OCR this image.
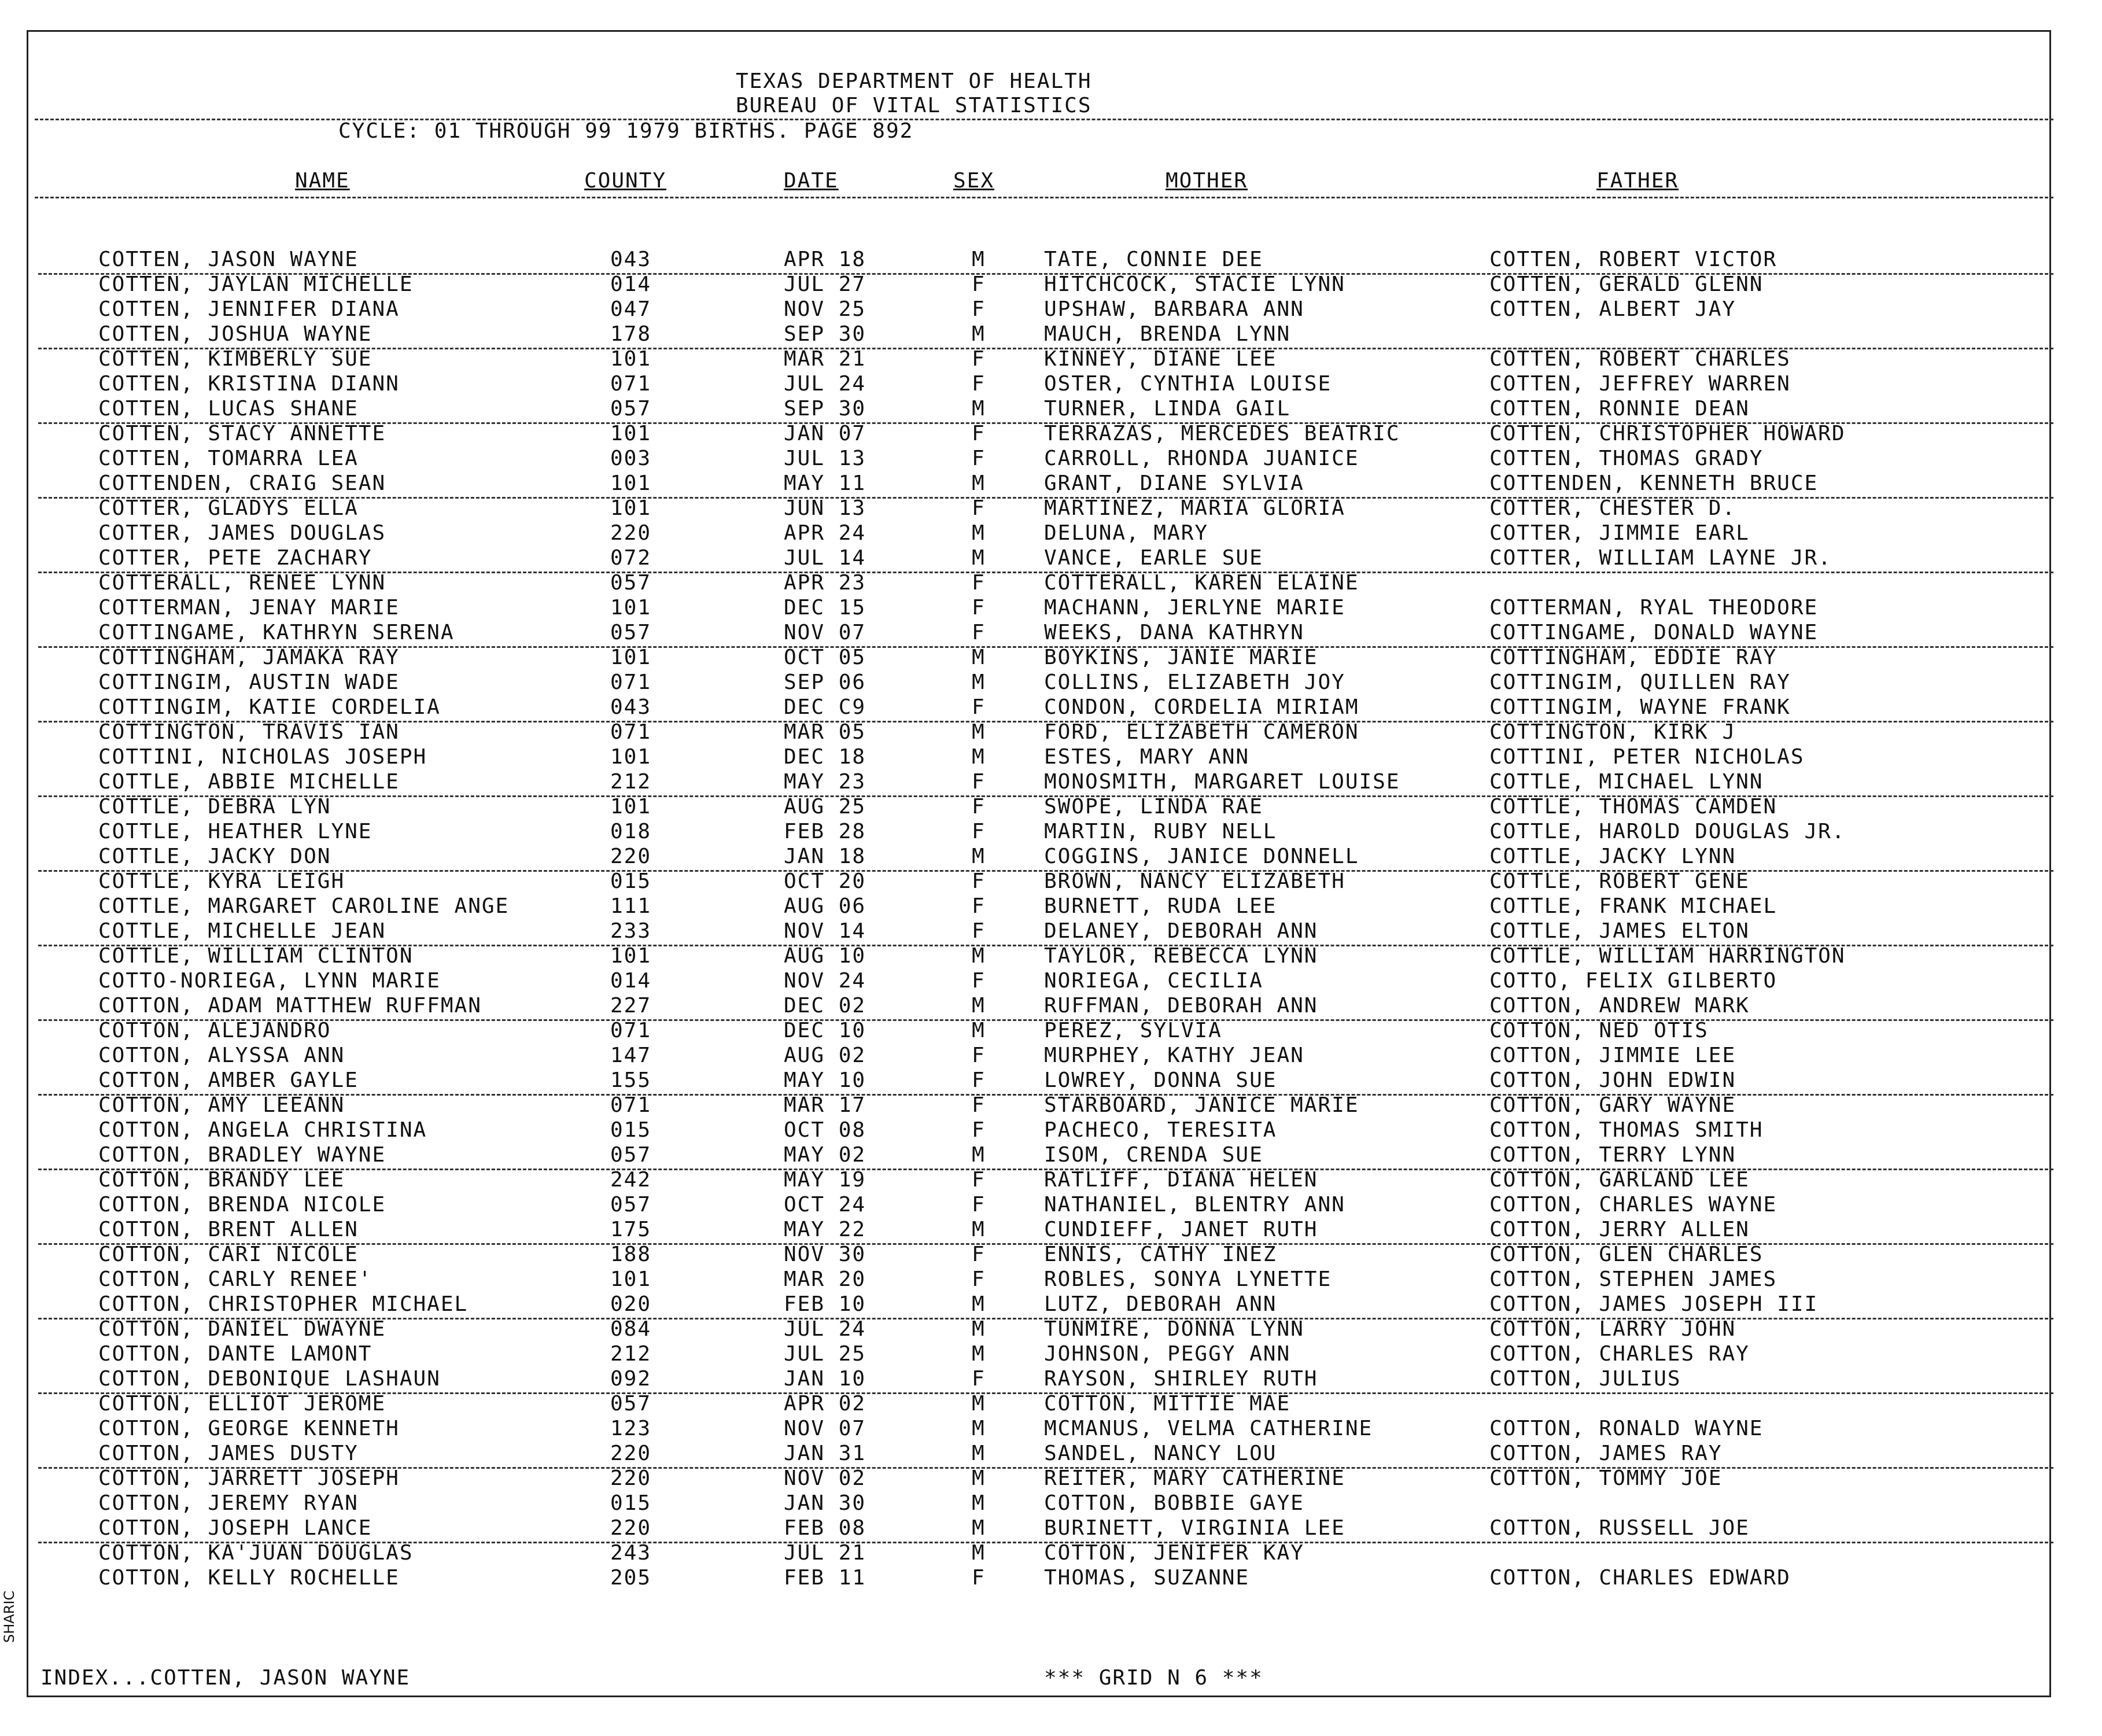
TEXAS DEPARTMENT OF HEALTH
BUREAU OF VITAL STATISTICS
CYCLE: 01 THROUGH 99 1979 BIRTHS. PAGE 892
NAME	COUNTY	DATE	SEX	MOTHER	FATHER
COTTEN, JASON WAYNE	043	APR 18	M	TATE, CONNIE DEE	COTTEN, ROBERT VICTOR
COTTEN, JAYLAN MICHELLE	014	JUL 27	F	HITCHCOCK, STACIE LYNN	COTTEN, GERALD GLENN
COTTEN, JENNIFER DIANA	047	NOV 25	F	UPSHAW, BARBARA ANN	COTTEN, ALBERT JAY
COTTEN, JOSHUA WAYNE	178	SEP 30	M	MAUCH, BRENDA LYNN
COTTEN, KIMBERLY SUE	101	MAR 21	F	KINNEY, DIANE LEE	COTTEN, ROBERT CHARLES
COTTEN, KRISTINA DIANN	071	JUL 24	F	OSTER, CYNTHIA LOUISE	COTTEN, JEFFREY WARREN
COTTEN, LUCAS SHANE	057	SEP 30	M	TURNER, LINDA GAIL	COTTEN, RONNIE DEAN
COTTEN, STACY ANNETTE	101	JAN 07	F	TERRAZAS, MERCEDES BEATRIC	COTTEN, CHRISTOPHER HOWARD
COTTEN, TOMARRA LEA	003	JUL 13	F	CARROLL, RHONDA JUANICE	COTTEN, THOMAS GRADY
COTTENDEN, CRAIG SEAN	101	MAY 11	M	GRANT, DIANE SYLVIA	COTTENDEN, KENNETH BRUCE
COTTER, GLADYS ELLA	101	JUN 13	F	MARTINEZ, MARIA GLORIA	COTTER, CHESTER D.
COTTER, JAMES DOUGLAS	220	APR 24	M	DELUNA, MARY	COTTER, JIMMIE EARL
COTTER, PETE ZACHARY	072	JUL 14	M	VANCE, EARLE SUE	COTTER, WILLIAM LAYNE JR.
COTTERALL, RENEE LYNN	057	APR 23	F	COTTERALL, KAREN ELAINE
COTTERMAN, JENAY MARIE	101	DEC 15	F	MACHANN, JERLYNE MARIE	COTTERMAN, RYAL THEODORE
COTTINGAME, KATHRYN SERENA	057	NOV 07	F	WEEKS, DANA KATHRYN	COTTINGAME, DONALD WAYNE
COTTINGHAM, JAMAKA RAY	101	OCT 05	M	BOYKINS, JANIE MARIE	COTTINGHAM, EDDIE RAY
COTTINGIM, AUSTIN WADE	071	SEP 06	M	COLLINS, ELIZABETH JOY	COTTINGIM, QUILLEN RAY
COTTINGIM, KATIE CORDELIA	043	DEC C9	F	CONDON, CORDELIA MIRIAM	COTTINGIM, WAYNE FRANK
COTTINGTON, TRAVIS IAN	071	MAR 05	M	FORD, ELIZABETH CAMERON	COTTINGTON, KIRK J
COTTINI, NICHOLAS JOSEPH	101	DEC 18	M	ESTES, MARY ANN	COTTINI, PETER NICHOLAS
COTTLE, ABBIE MICHELLE	212	MAY 23	F	MONOSMITH, MARGARET LOUISE	COTTLE, MICHAEL LYNN
COTTLE, DEBRA LYN	101	AUG 25	F	SWOPE, LINDA RAE	COTTLE, THOMAS CAMDEN
COTTLE, HEATHER LYNE	018	FEB 28	F	MARTIN, RUBY NELL	COTTLE, HAROLD DOUGLAS JR.
COTTLE, JACKY DON	220	JAN 18	M	COGGINS, JANICE DONNELL	COTTLE, JACKY LYNN
COTTLE, KYRA LEIGH	015	OCT 20	F	BROWN, NANCY ELIZABETH	COTTLE, ROBERT GENE
COTTLE, MARGARET CAROLINE ANGE	111	AUG 06	F	BURNETT, RUDA LEE	COTTLE, FRANK MICHAEL
COTTLE, MICHELLE JEAN	233	NOV 14	F	DELANEY, DEBORAH ANN	COTTLE, JAMES ELTON
COTTLE, WILLIAM CLINTON	101	AUG 10	M	TAYLOR, REBECCA LYNN	COTTLE, WILLIAM HARRINGTON
COTTO-NORIEGA, LYNN MARIE	014	NOV 24	F	NORIEGA, CECILIA	COTTO, FELIX GILBERTO
COTTON, ADAM MATTHEW RUFFMAN	227	DEC 02	M	RUFFMAN, DEBORAH ANN	COTTON, ANDREW MARK
COTTON, ALEJANDRO	071	DEC 10	M	PEREZ, SYLVIA	COTTON, NED OTIS
COTTON, ALYSSA ANN	147	AUG 02	F	MURPHEY, KATHY JEAN	COTTON, JIMMIE LEE
COTTON, AMBER GAYLE	155	MAY 10	F	LOWREY, DONNA SUE	COTTON, JOHN EDWIN
COTTON, AMY LEEANN	071	MAR 17	F	STARBOARD, JANICE MARIE	COTTON, GARY WAYNE
COTTON, ANGELA CHRISTINA	015	OCT 08	F	PACHECO, TERESITA	COTTON, THOMAS SMITH
COTTON, BRADLEY WAYNE	057	MAY 02	M	ISOM, CRENDA SUE	COTTON, TERRY LYNN
COTTON, BRANDY LEE	242	MAY 19	F	RATLIFF, DIANA HELEN	COTTON, GARLAND LEE
COTTON, BRENDA NICOLE	057	OCT 24	F	NATHANIEL, BLENTRY ANN	COTTON, CHARLES WAYNE
COTTON, BRENT ALLEN	175	MAY 22	M	CUNDIEFF, JANET RUTH	COTTON, JERRY ALLEN
COTTON, CARI NICOLE	188	NOV 30	F	ENNIS, CATHY INEZ	COTTON, GLEN CHARLES
COTTON, CARLY RENEE'	101	MAR 20	F	ROBLES, SONYA LYNETTE	COTTON, STEPHEN JAMES
COTTON, CHRISTOPHER MICHAEL	020	FEB 10	M	LUTZ, DEBORAH ANN	COTTON, JAMES JOSEPH III
COTTON, DANIEL DWAYNE	084	JUL 24	M	TUNMIRE, DONNA LYNN	COTTON, LARRY JOHN
COTTON, DANTE LAMONT	212	JUL 25	M	JOHNSON, PEGGY ANN	COTTON, CHARLES RAY
COTTON, DEBONIQUE LASHAUN	092	JAN 10	F	RAYSON, SHIRLEY RUTH	COTTON, JULIUS
COTTON, ELLIOT JEROME	057	APR 02	M	COTTON, MITTIE MAE
COTTON, GEORGE KENNETH	123	NOV 07	M	MCMANUS, VELMA CATHERINE	COTTON, RONALD WAYNE
COTTON, JAMES DUSTY	220	JAN 31	M	SANDEL, NANCY LOU	COTTON, JAMES RAY
COTTON, JARRETT JOSEPH	220	NOV 02	M	REITER, MARY CATHERINE	COTTON, TOMMY JOE
COTTON, JEREMY RYAN	015	JAN 30	M	COTTON, BOBBIE GAYE
COTTON, JOSEPH LANCE	220	FEB 08	M	BURINETT, VIRGINIA LEE	COTTON, RUSSELL JOE
COTTON, KA'JUAN DOUGLAS	243	JUL 21	M	COTTON, JENIFER KAY
COTTON, KELLY ROCHELLE	205	FEB 11	F	THOMAS, SUZANNE	COTTON, CHARLES EDWARD
INDEX...COTTEN, JASON WAYNE	*** GRID N 6 ***
SHARIC
